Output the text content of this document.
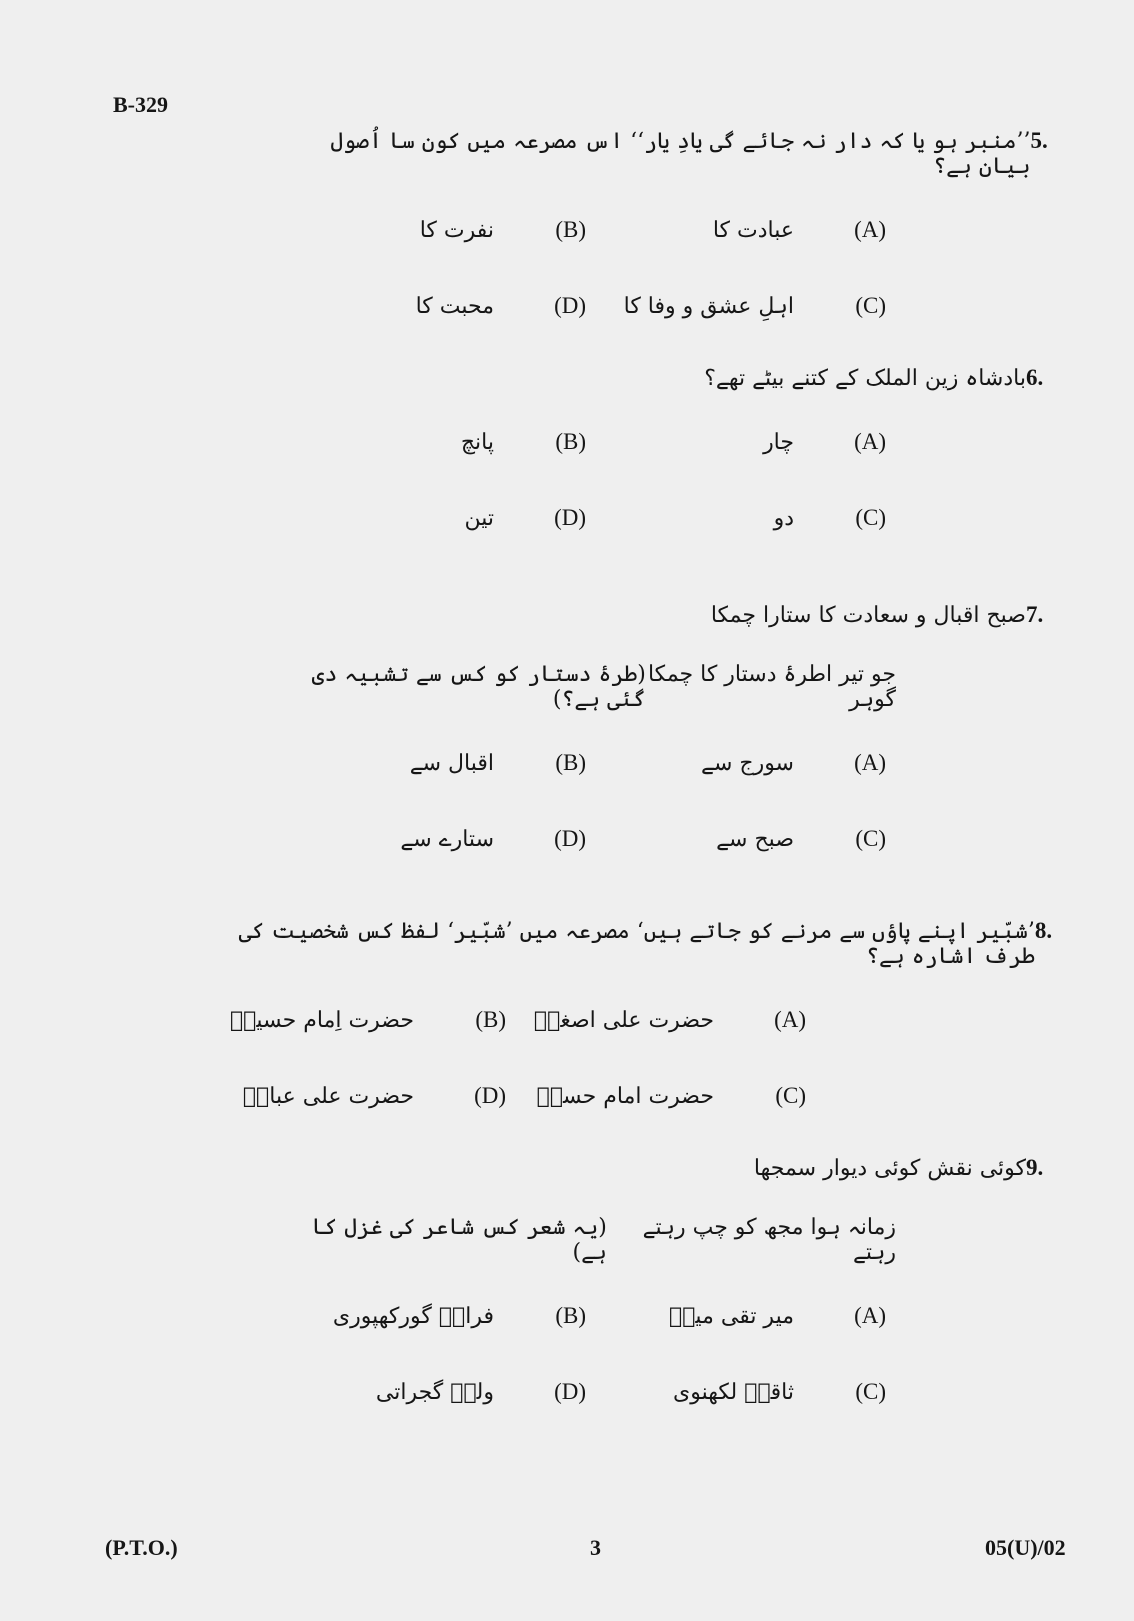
B-329
5.
’’منبر ہو یا کہ دار نہ جائے گی یادِ یار‘‘ اس مصرعہ میں کون سا اُصول بیان ہے؟
(A)
عبادت کا
(B)
نفرت کا
(C)
اہلِ عشق و وفا کا
(D)
محبت کا
6.
بادشاہ زین الملک کے کتنے بیٹے تھے؟
(A)
چار
(B)
پانچ
(C)
دو
(D)
تین
7.
صبح اقبال و سعادت کا ستارا چمکا
جو تیر اطرۂ دستار کا چمکا گوہر
(طرۂ دستار کو کس سے تشبیہ دی گئی ہے؟)
(A)
سورج سے
(B)
اقبال سے
(C)
صبح سے
(D)
ستارے سے
8.
’شبّیر اپنے پاؤں سے مرنے کو جاتے ہیں‘ مصرعہ میں ’شبّیر‘ لفظ کس شخصیت کی طرف اشارہ ہے؟
(A)
حضرت علی اصغرؓ
(B)
حضرت اِمام حسینؓ
(C)
حضرت امام حسنؓ
(D)
حضرت علی عباسؓ
9.
کوئی نقش کوئی دیوار سمجھا
زمانہ ہوا مجھ کو چپ رہتے رہتے
(یہ شعر کس شاعر کی غزل کا ہے)
(A)
میر تقی میرؔ
(B)
فراقؔ گورکھپوری
(C)
ثاقبؔ لکھنوی
(D)
ولیؔ گجراتی
(P.T.O.)	3	05(U)/02
